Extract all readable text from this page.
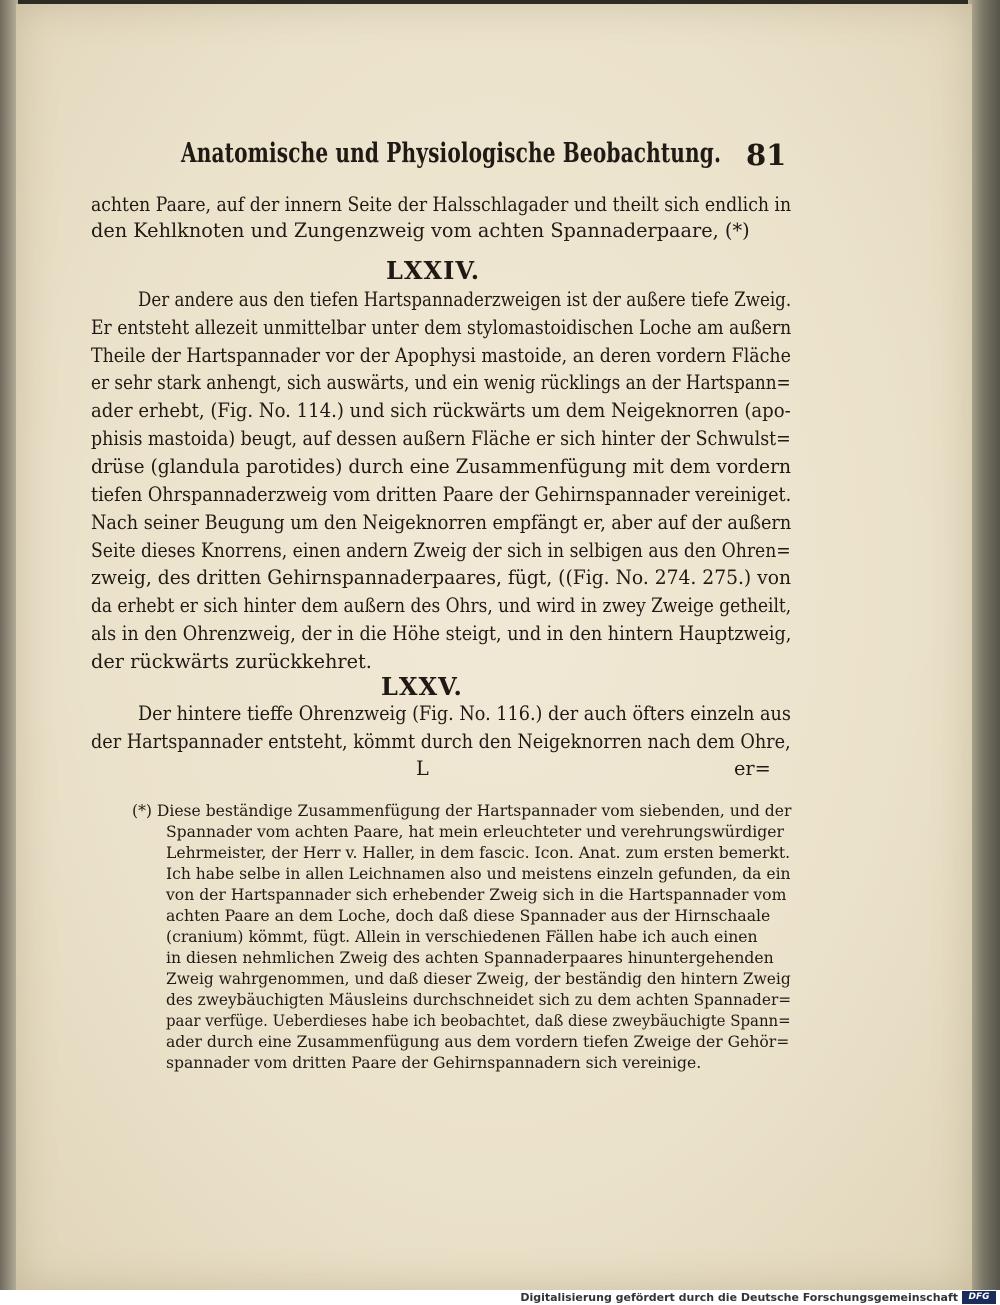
Anatomische und Physiologische Beobachtung. 81
achten Paare, auf der innern Seite der Halsschlagader und theilt sich endlich in
den Kehlknoten und Zungenzweig vom achten Spannaderpaare, (*)
LXXIV.
Der andere aus den tiefen Hartspannaderzweigen ist der außere tiefe Zweig.
Er entsteht allezeit unmittelbar unter dem stylomastoidischen Loche am außern
Theile der Hartspannader vor der Apophysi mastoide, an deren vordern Fläche
er sehr stark anhengt, sich auswärts, und ein wenig rücklings an der Hartspann=
ader erhebt, (Fig. No. 114.) und sich rückwärts um dem Neigeknorren (apo-
phisis mastoida) beugt, auf dessen außern Fläche er sich hinter der Schwulst=
drüse (glandula parotides) durch eine Zusammenfügung mit dem vordern
tiefen Ohrspannaderzweig vom dritten Paare der Gehirnspannader vereiniget.
Nach seiner Beugung um den Neigeknorren empfängt er, aber auf der außern
Seite dieses Knorrens, einen andern Zweig der sich in selbigen aus den Ohren=
zweig, des dritten Gehirnspannaderpaares, fügt, ((Fig. No. 274. 275.) von
da erhebt er sich hinter dem außern des Ohrs, und wird in zwey Zweige getheilt,
als in den Ohrenzweig, der in die Höhe steigt, und in den hintern Hauptzweig,
der rückwärts zurückkehret.
LXXV.
Der hintere tieffe Ohrenzweig (Fig. No. 116.) der auch öfters einzeln aus
der Hartspannader entsteht, kömmt durch den Neigeknorren nach dem Ohre,
L	er=
(*) Diese beständige Zusammenfügung der Hartspannader vom siebenden, und der
Spannader vom achten Paare, hat mein erleuchteter und verehrungswürdiger
Lehrmeister, der Herr v. Haller, in dem fascic. Icon. Anat. zum ersten bemerkt.
Ich habe selbe in allen Leichnamen also und meistens einzeln gefunden, da ein
von der Hartspannader sich erhebender Zweig sich in die Hartspannader vom
achten Paare an dem Loche, doch daß diese Spannader aus der Hirnschaale
(cranium) kömmt, fügt. Allein in verschiedenen Fällen habe ich auch einen
in diesen nehmlichen Zweig des achten Spannaderpaares hinuntergehenden
Zweig wahrgenommen, und daß dieser Zweig, der beständig den hintern Zweig
des zweybäuchigten Mäusleins durchschneidet sich zu dem achten Spannader=
paar verfüge. Ueberdieses habe ich beobachtet, daß diese zweybäuchigte Spann=
ader durch eine Zusammenfügung aus dem vordern tiefen Zweige der Gehör=
spannader vom dritten Paare der Gehirnspannadern sich vereinige.
Digitalisierung gefördert durch die Deutsche Forschungsgemeinschaft	DFG
